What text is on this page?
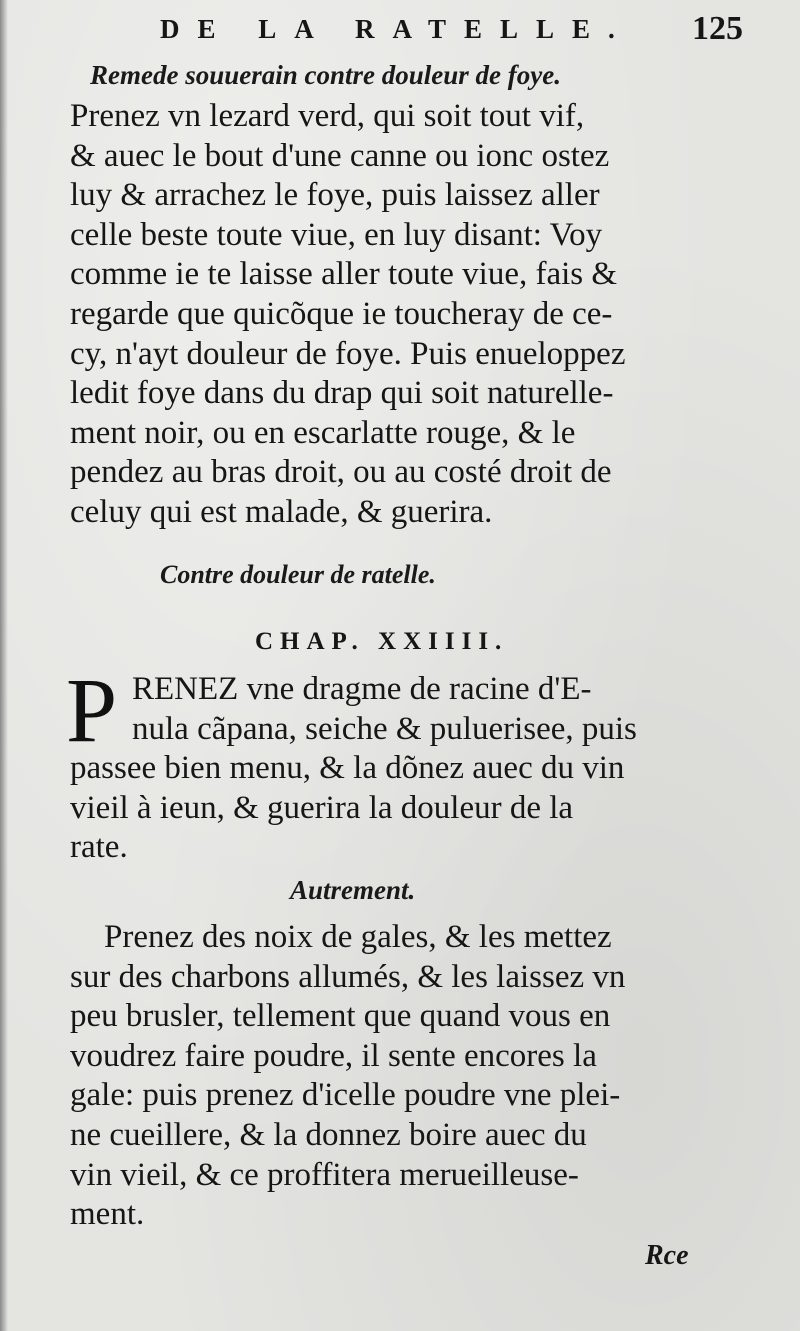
DE LA RATELLE. 125
Remede souuerain contre douleur de foye.
Prenez vn lezard verd, qui soit tout vif,
& auec le bout d'une canne ou ionc ostez
luy & arrachez le foye, puis laissez aller
celle beste toute viue, en luy disant: Voy
comme ie te laisse aller toute viue, fais &
regarde que quicõque ie toucheray de ce-
cy, n'ayt douleur de foye. Puis enueloppez
ledit foye dans du drap qui soit naturelle-
ment noir, ou en escarlatte rouge, & le
pendez au bras droit, ou au costé droit de
celuy qui est malade, & guerira.
Contre douleur de ratelle.
CHAP. XXIIII.
P RENEZ vne dragme de racine d'E-
nula cãpana, seiche & puluerisee, puis
passee bien menu, & la dõnez auec du vin
vieil à ieun, & guerira la douleur de la
rate.
Autrement.
Prenez des noix de gales, & les mettez
sur des charbons allumés, & les laissez vn
peu brusler, tellement que quand vous en
voudrez faire poudre, il sente encores la
gale: puis prenez d'icelle poudre vne plei-
ne cueillere, & la donnez boire auec du
vin vieil, & ce proffitera merueilleuse-
ment.
Rce
